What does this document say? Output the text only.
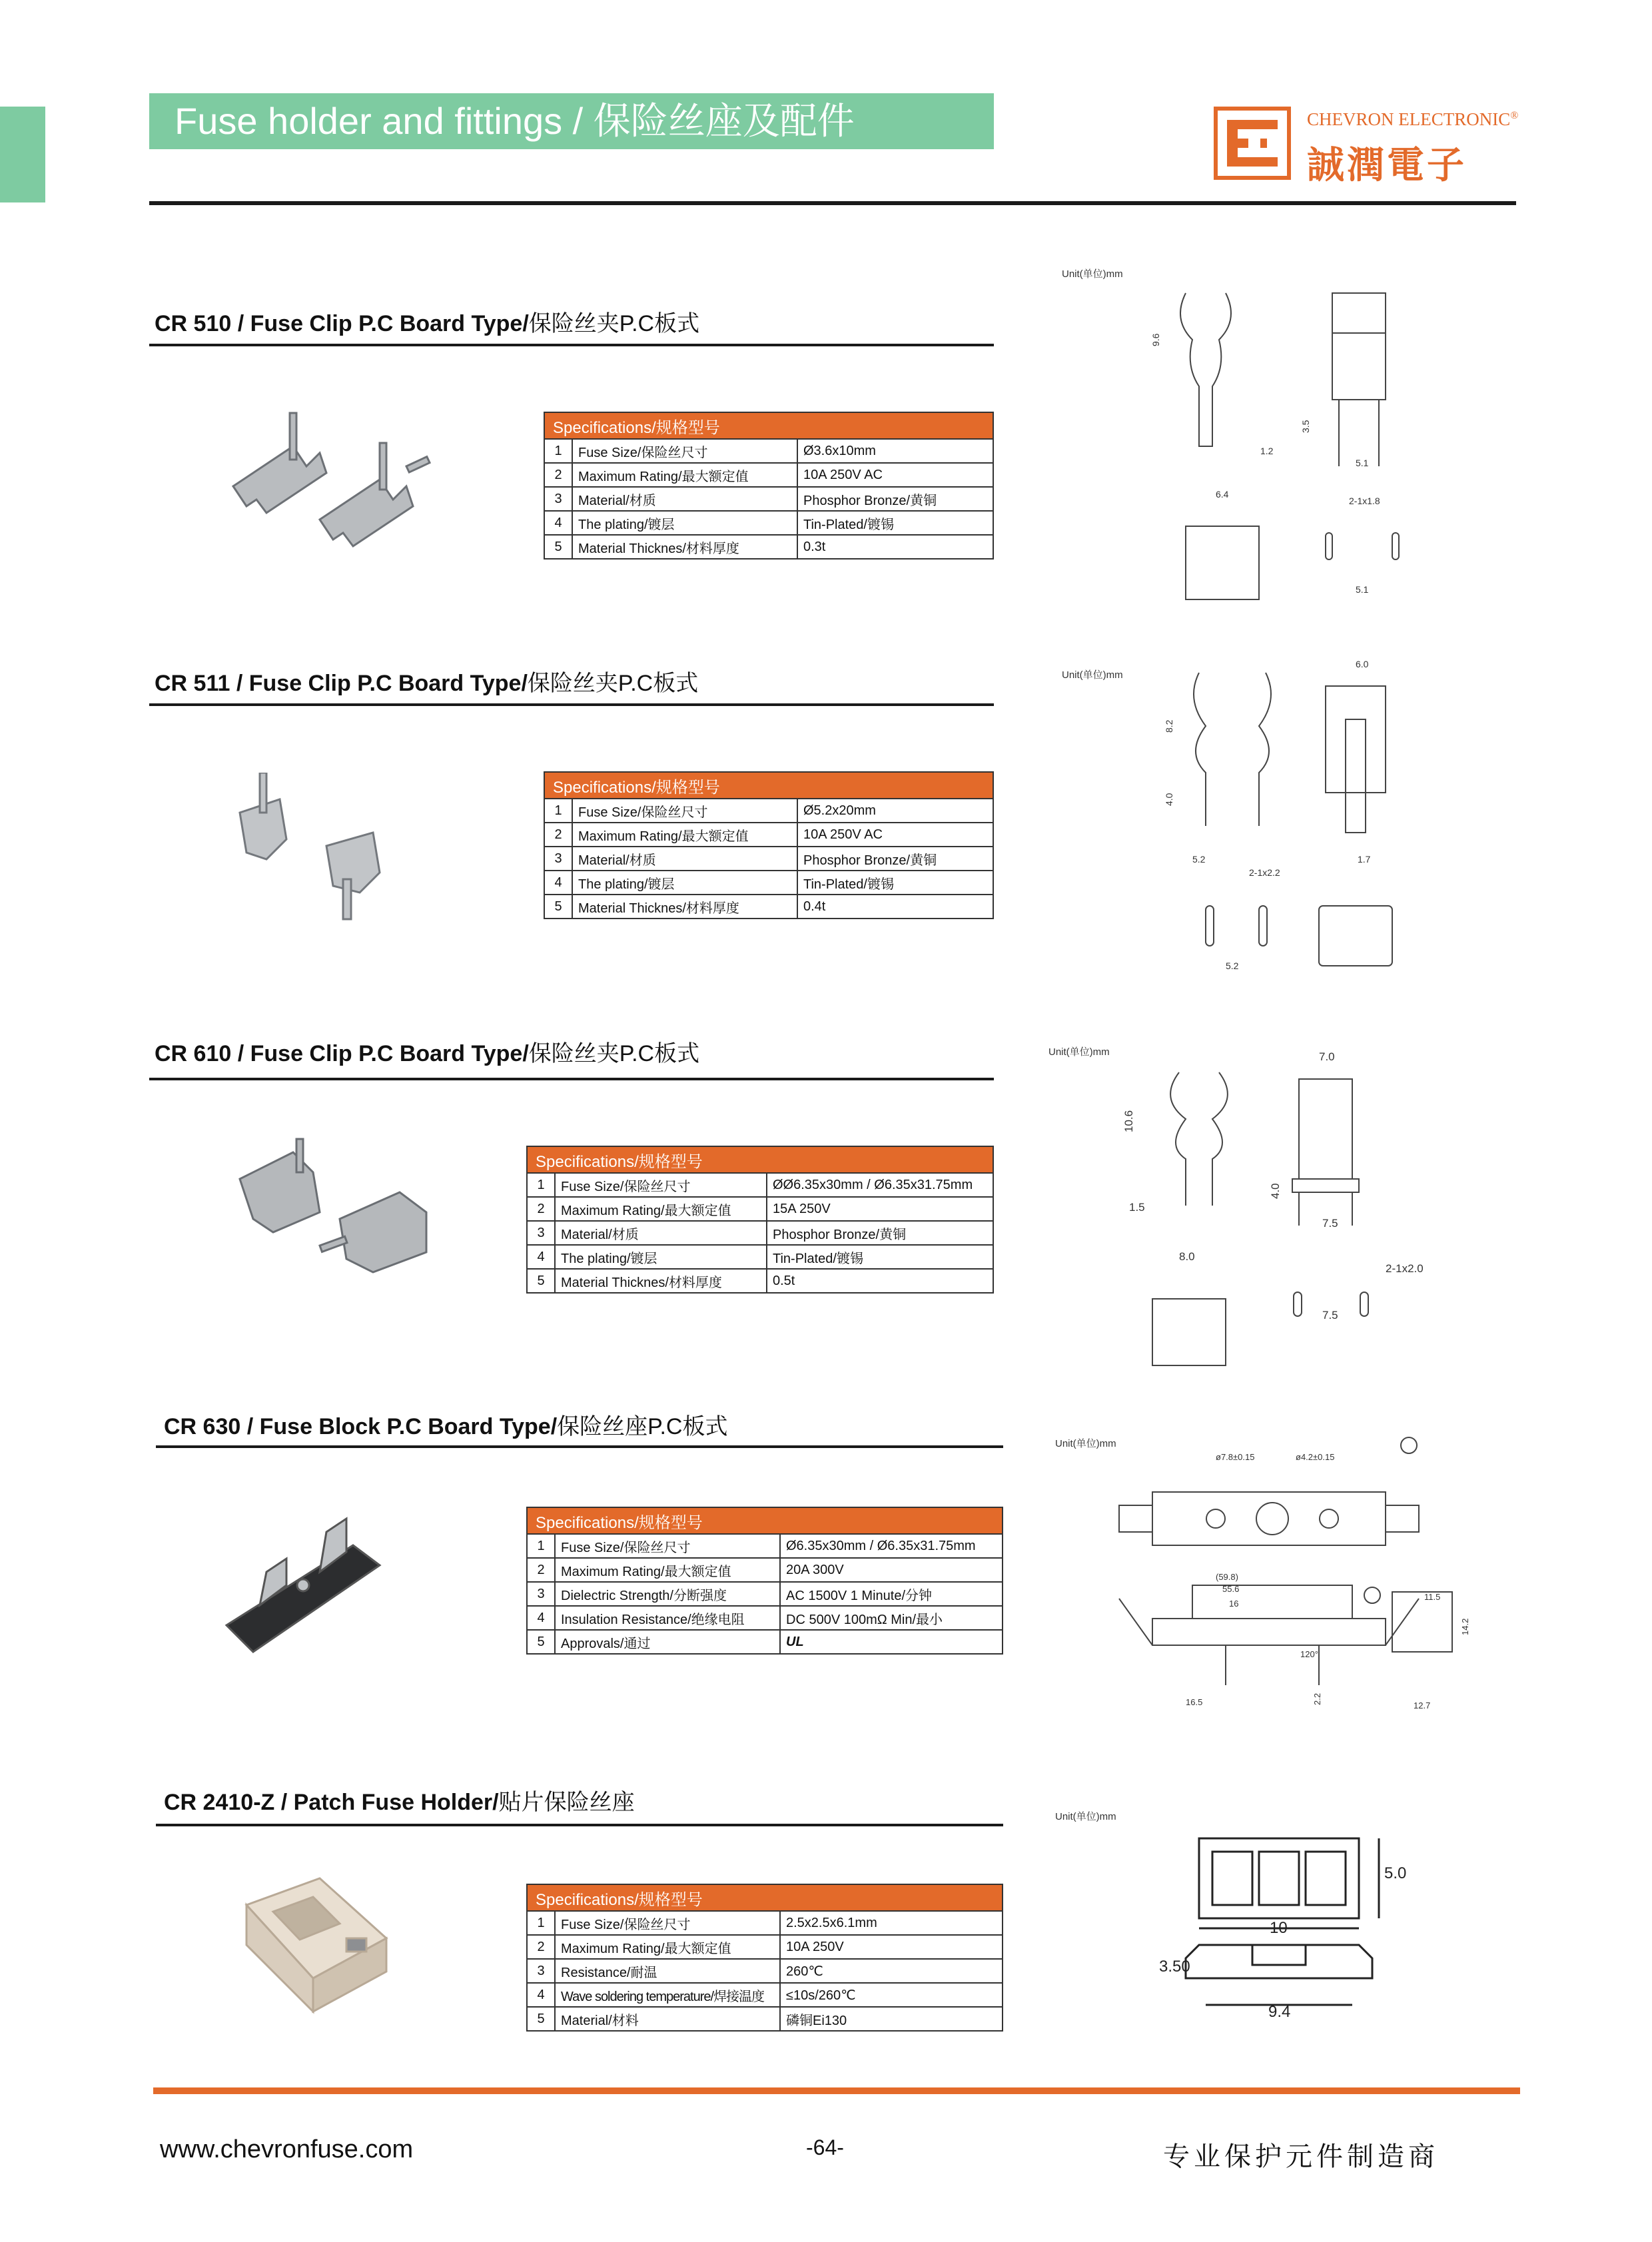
Fuse holder and fittings / 保险丝座及配件	CHEVRON ELECTRONIC®
誠潤電子
CR 510 / Fuse Clip P.C Board Type/保险丝夹P.C板式
Specifications/规格型号		
1	Fuse Size/保险丝尺寸	Ø3.6x10mm
2	Maximum Rating/最大额定值	10A 250V AC
3	Material/材质	Phosphor Bronze/黄铜
4	The plating/镀层	Tin-Plated/镀锡
5	Material Thicknes/材料厚度	0.3t
Unit(单位)mm
9.6
3.5
1.2
5.1
6.4
2-1x1.8
5.1
CR 511 / Fuse Clip P.C Board Type/保险丝夹P.C板式
Specifications/规格型号		
1	Fuse Size/保险丝尺寸	Ø5.2x20mm
2	Maximum Rating/最大额定值	10A 250V AC
3	Material/材质	Phosphor Bronze/黄铜
4	The plating/镀层	Tin-Plated/镀锡
5	Material Thicknes/材料厚度	0.4t
Unit(单位)mm
8.2
4.0
6.0
1.7
5.2
2-1x2.2
5.2
CR 610 / Fuse Clip P.C Board Type/保险丝夹P.C板式
Specifications/规格型号		
1	Fuse Size/保险丝尺寸	ØØ6.35x30mm / Ø6.35x31.75mm
2	Maximum Rating/最大额定值	15A 250V
3	Material/材质	Phosphor Bronze/黄铜
4	The plating/镀层	Tin-Plated/镀锡
5	Material Thicknes/材料厚度	0.5t
Unit(单位)mm
10.6
1.5
8.0
7.0
4.0
7.5
2-1x2.0
7.5
CR 630 / Fuse Block P.C Board Type/保险丝座P.C板式
Specifications/规格型号		
1	Fuse Size/保险丝尺寸	Ø6.35x30mm / Ø6.35x31.75mm
2	Maximum Rating/最大额定值	20A 300V
3	Dielectric Strength/分断强度	AC 1500V 1 Minute/分钟
4	Insulation Resistance/绝缘电阻	DC 500V 100mΩ Min/最小
5	Approvals/通过	UL
Unit(单位)mm
(59.8)
55.6
16
ø7.8±0.15	ø4.2±0.15
11.5
14.2
16.5	12.7
2.2
120°
CR 2410-Z / Patch Fuse Holder/贴片保险丝座
Specifications/规格型号		
1	Fuse Size/保险丝尺寸	2.5x2.5x6.1mm
2	Maximum Rating/最大额定值	10A 250V
3	Resistance/耐温	260℃
4	Wave soldering temperature/焊接温度	≤10s/260℃
5	Material/材料	磷铜Ei130
Unit(单位)mm
5.0
10
3.50
9.4
www.chevronfuse.com	-64-	专业保护元件制造商
